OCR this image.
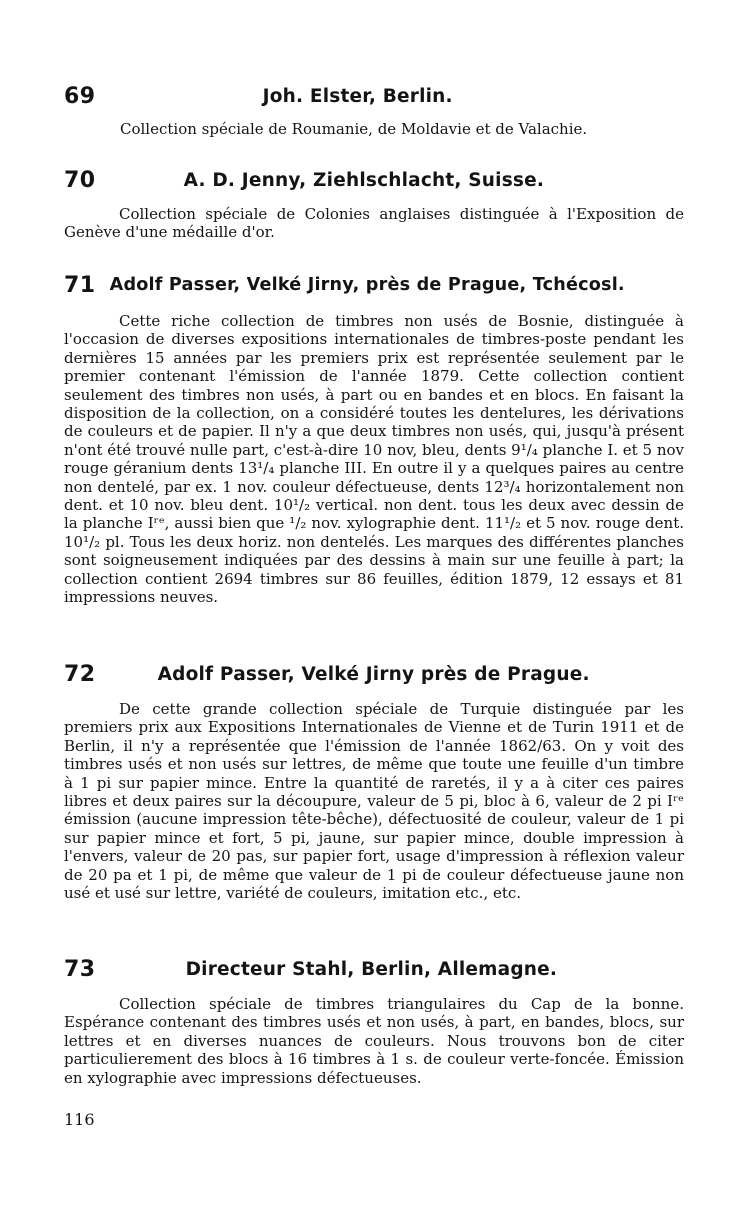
69	Joh. Elster, Berlin.
Collection spéciale de Roumanie, de Moldavie et de Valachie.
70	A. D. Jenny, Ziehlschlacht, Suisse.
Collection spéciale de Colonies anglaises distinguée à l'Exposition de Genève d'une médaille d'or.
71 Adolf Passer, Velké Jirny, près de Prague, Tchécosl.
Cette riche collection de timbres non usés de Bosnie, distinguée à l'occasion de diverses expositions internationales de timbres-poste pendant les dernières 15 années par les premiers prix est représentée seulement par le premier contenant l'émission de l'année 1879. Cette collection contient seulement des timbres non usés, à part ou en bandes et en blocs. En faisant la disposition de la collection, on a considéré toutes les dentelures, les dérivations de couleurs et de papier. Il n'y a que deux timbres non usés, qui, jusqu'à présent n'ont été trouvé nulle part, c'est-à-dire 10 nov, bleu, dents 9¹/₄ planche I. et 5 nov rouge géranium dents 13¹/₄ planche III. En outre il y a quelques paires au centre non dentelé, par ex. 1 nov. couleur défectueuse, dents 12³/₄ horizontalement non dent. et 10 nov. bleu dent. 10¹/₂ vertical. non dent. tous les deux avec dessin de la planche Iʳᵉ, aussi bien que ¹/₂ nov. xylographie dent. 11¹/₂ et 5 nov. rouge dent. 10¹/₂ pl. Tous les deux horiz. non dentelés. Les marques des différentes planches sont soigneusement indiquées par des dessins à main sur une feuille à part; la collection contient 2694 timbres sur 86 feuilles, édition 1879, 12 essays et 81 impressions neuves.
72	Adolf Passer, Velké Jirny près de Prague.
De cette grande collection spéciale de Turquie distinguée par les premiers prix aux Expositions Internationales de Vienne et de Turin 1911 et de Berlin, il n'y a représentée que l'émission de l'année 1862/63. On y voit des timbres usés et non usés sur lettres, de même que toute une feuille d'un timbre à 1 pi sur papier mince. Entre la quantité de raretés, il y a à citer ces paires libres et deux paires sur la découpure, valeur de 5 pi, bloc à 6, valeur de 2 pi Iʳᵉ émission (aucune impression tête-bêche), défectuosité de couleur, valeur de 1 pi sur papier mince et fort, 5 pi, jaune, sur papier mince, double impression à l'envers, valeur de 20 pas, sur papier fort, usage d'impression à réflexion valeur de 20 pa et 1 pi, de même que valeur de 1 pi de couleur défectueuse jaune non usé et usé sur lettre, variété de couleurs, imitation etc., etc.
73	Directeur Stahl, Berlin, Allemagne.
Collection spéciale de timbres triangulaires du Cap de la bonne. Espérance contenant des timbres usés et non usés, à part, en bandes, blocs, sur lettres et en diverses nuances de couleurs. Nous trouvons bon de citer particulierement des blocs à 16 timbres à 1 s. de couleur verte-foncée. Émission en xylographie avec impressions défectueuses.
116
